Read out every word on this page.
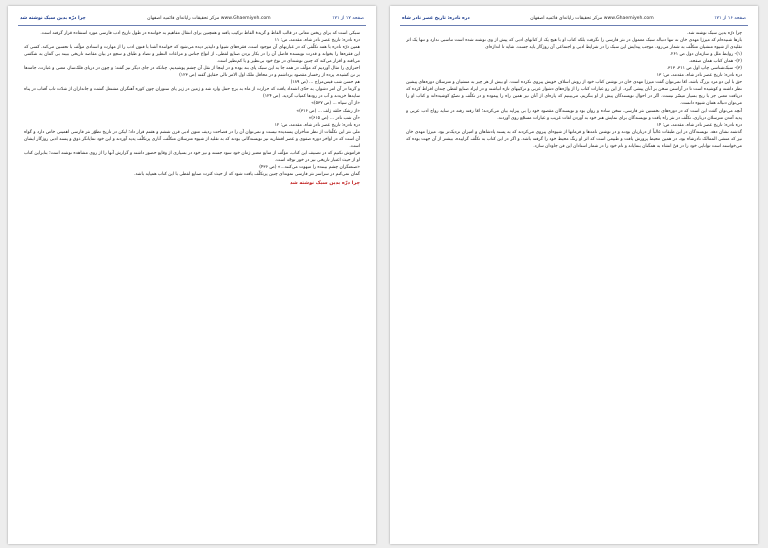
چرا درّه بدین سبک نوشته شد	مرکز تحقیقات رایانه‌ای قائمیه اصفهان www.Ghaemiyeh.com	صفحه ۱۷ از ۱۷۱

سبکی است که برای ریختن معانی در قالب الفاظ و گزیدهٔ الفاظ ترکیب یافته و همچنین برای انتقال مفاهیم به خواننده در طول تاریخ ادب فارسی مورد استفاده قرار گرفته است.

دره نادره: تاریخ عصر نادر شاه، مقدمه، ص: ۱۱

همین درّه نادره با همه تکلّفی که در عبارتهای آن موجود است، فقره‌های شیوا و دلپذیر دیده می‌شود که خوانندهٔ آشنا با فنون ادب را از مهارت و استادی مؤلّف با تحسین می‌کند. کسی که این فقره‌ها را بخواند و قدرت نویسنده فاضل آن را در بکار بردن صنایع لفظی، از انواع جناس و مراعات النظیر و تضاد و طباق و سجع در بیان مقاصد تاریخی ببیند بی گمان به شگفتی می‌افتد و اقرار می‌کند که چنین نوشته‌ای در نوع خود بی‌نظیر و یا کم‌نظیر است.

احترازی را مثال آوردیم که مؤلّف در همه جا به این سبک پای بند بوده و در اینجا از نقل آن چشم پوشیدیم. چنانکه در جای دیگر نیز گفته: و چون در دریای فلک‌ساز، معنی و عبارت، جامه‌ها بر تن کشیده، پرده از رخسار مقصود برداشتم و در محافل ملک اول الامر تالی حقایق گفته (ص ۱۲۳)

هم حسن شب قیس‌مزاج ... (ص ۱۸۹)

و گرما در آن امر دشوار، به حدّی اشتداد یافت که حرارت از ماه به برج حمل وارد شد و زمین در زیر پای ستوران چون کوره آهنگران مشتعل گشت و جانداران از شدّت تاب آفتاب در پناه سایه‌ها خزیدند و آب در رودها کمیاب گردید. (ص ۱۲۴)

«از آن سپاه ... (ص ۵۳۷)»

«از رشک حلقه زلف ... (ص ۳۱۶)»

«آن شب نادر ... (ص ۶۱۵)»

دره نادره: تاریخ عصر نادر شاه، مقدمه، ص: ۱۲

ملی نثر این تکلّفات از نظر متأخران پسندیده نیست و نمی‌توان آن را در فصاحت ردیف متون ادبی قرن ششم و هفتم قرار داد؛ لیکن در تاریخ تطوّر نثر فارسی اهمیتی خاص دارد و گواه آن است که در اواخر دوره صفوی و عصر افشاریه نیز نویسندگانی بودند که به تقلید از شیوه مترسلان متکلّف، آثاری پرتکلّف پدید آوردند و این خود نمایانگر ذوق و پسند ادبی روزگار ایشان است.

فراموش نکنیم که در تصنیف این کتاب، مؤلّف از منابع معتبر زمان خود سود جسته و نیز خود در بسیاری از وقایع حضور داشته و گزارش آنها را از روی مشاهده نوشته است؛ بنابراین کتاب او از حیث اعتبار تاریخی نیز در خور توجّه است.

«صنعتگران چشم بیننده را مبهوت می‌کنند...» (ص ۴۳۶)

گمان نمی‌کنم در سراسر نثر فارسی نمونه‌ای چنین پرتکلّف یافت شود که از حیث کثرت صنایع لفظی با این کتاب همپایه باشد.

چرا درّه بدین سبک نوشته شد

دره نادره: تاریخ عصر نادر شاه	مرکز تحقیقات رایانه‌ای قائمیه اصفهان www.Ghaemiyeh.com	صفحه ۱۶ از ۱۷۱

چرا درّه بدین سبک نوشته شد.

بارها شنیده‌ام که میرزا مهدی خان نه تنها دنباله سبک معمول در نثر فارسی را نگرفت بلکه کتاب او با هیچ یک از کتابهای ادبی که پیش از وی نوشته شده است تناسبی ندارد و تنها یک اثر تقلیدی از شیوه منشیان متکلّف به شمار می‌رود. موجب پیدایش این سبک را در شرایط ادبی و اجتماعی آن روزگار باید جست. شاید تا اندازه‌ای

(۱)- روابط ملل و سازمان دول ص ۲۶۱.

(۲)- همان کتاب همان صفحه.

(۳)- سبک‌شناسی چاپ اول ص ۳۱۱، ۳۱۳.

دره نادره: تاریخ عصر نادر شاه، مقدمه، ص: ۱۳

حق با این دو مرد بزرگ باشد، امّا نمی‌توان گفت میرزا مهدی خان در نوشتن کتاب خود از روش اسلاف خویش پیروی نکرده است. او بیش از هر چیز به منشیان و مترسلان دوره‌های پیشین نظر داشته و کوشیده است تا در آراستن سخن بر آنان پیشی گیرد. از این رو عبارات کتاب را از واژه‌های دشوار عربی و ترکیبهای تازه انباشته و در ایراد صنایع لفظی چندان افراط کرده که دریافت معنی جز با رنج بسیار میسّر نیست. اگر در احوال نویسندگان پیش از او بنگریم، می‌بینیم که پاره‌ای از آنان نیز همین راه را پیموده و در تکلّف و تصنّع کوشیده‌اند و کتاب او را می‌توان دنباله همان شیوه دانست.

آنچه می‌توان گفت این است که در دوره‌های نخستین نثر فارسی، سخن ساده و روان بود و نویسندگان مقصود خود را بی پیرایه بیان می‌کردند؛ امّا رفته رفته در سایه رواج ادب عربی و پدید آمدن مترسلان درباری، تکلّف در نثر راه یافت و نویسندگان برای نمایش هنر خود به آوردن لغات غریب و عبارات مسجّع روی آوردند.

دره نادره: تاریخ عصر نادر شاه، مقدمه، ص: ۱۴

گذشته نشان دهد. نویسندگان در این طبقات غالباً از درباریان بودند و در نوشتن نامه‌ها و فرمانها از شیوه‌ای پیروی می‌کردند که به پسند پادشاهان و امیران نزدیک‌تر بود. میرزا مهدی خان نیز که منشی الممالک نادرشاه بود، در همین محیط پرورش یافت و طبیعی است که اثر او رنگ محیط خود را گرفته باشد. و اگر در این کتاب به تکلّف گراییده، بیشتر از آن جهت بوده که می‌خواسته است توانایی خود را در فنّ انشاء به همگنان بنمایاند و نام خود را در شمار استادان این فن جاودان سازد.
